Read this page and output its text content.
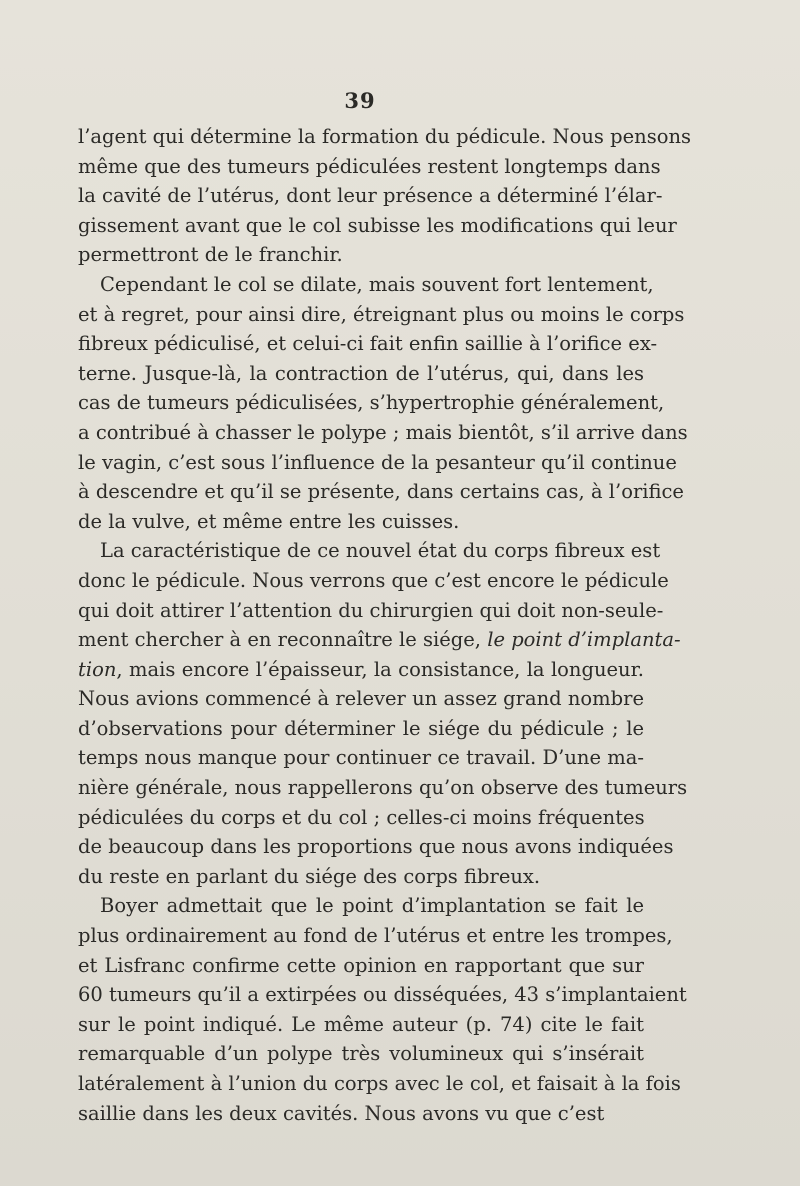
39
l’agent qui détermine la formation du pédicule. Nous pensons
même que des tumeurs pédiculées restent longtemps dans
la cavité de l’utérus, dont leur présence a déterminé l’élar-
gissement avant que le col subisse les modifications qui leur
permettront de le franchir.
Cependant le col se dilate, mais souvent fort lentement,
et à regret, pour ainsi dire, étreignant plus ou moins le corps
fibreux pédiculisé, et celui-ci fait enfin saillie à l’orifice ex-
terne. Jusque-là, la contraction de l’utérus, qui, dans les
cas de tumeurs pédiculisées, s’hypertrophie généralement,
a contribué à chasser le polype ; mais bientôt, s’il arrive dans
le vagin, c’est sous l’influence de la pesanteur qu’il continue
à descendre et qu’il se présente, dans certains cas, à l’orifice
de la vulve, et même entre les cuisses.
La caractéristique de ce nouvel état du corps fibreux est
donc le pédicule. Nous verrons que c’est encore le pédicule
qui doit attirer l’attention du chirurgien qui doit non-seule-
ment chercher à en reconnaître le siége, le point d’implanta-
tion, mais encore l’épaisseur, la consistance, la longueur.
Nous avions commencé à relever un assez grand nombre
d’observations pour déterminer le siége du pédicule ; le
temps nous manque pour continuer ce travail. D’une ma-
nière générale, nous rappellerons qu’on observe des tumeurs
pédiculées du corps et du col ; celles-ci moins fréquentes
de beaucoup dans les proportions que nous avons indiquées
du reste en parlant du siége des corps fibreux.
Boyer admettait que le point d’implantation se fait le
plus ordinairement au fond de l’utérus et entre les trompes,
et Lisfranc confirme cette opinion en rapportant que sur
60 tumeurs qu’il a extirpées ou disséquées, 43 s’implantaient
sur le point indiqué. Le même auteur (p. 74) cite le fait
remarquable d’un polype très volumineux qui s’insérait
latéralement à l’union du corps avec le col, et faisait à la fois
saillie dans les deux cavités. Nous avons vu que c’est
